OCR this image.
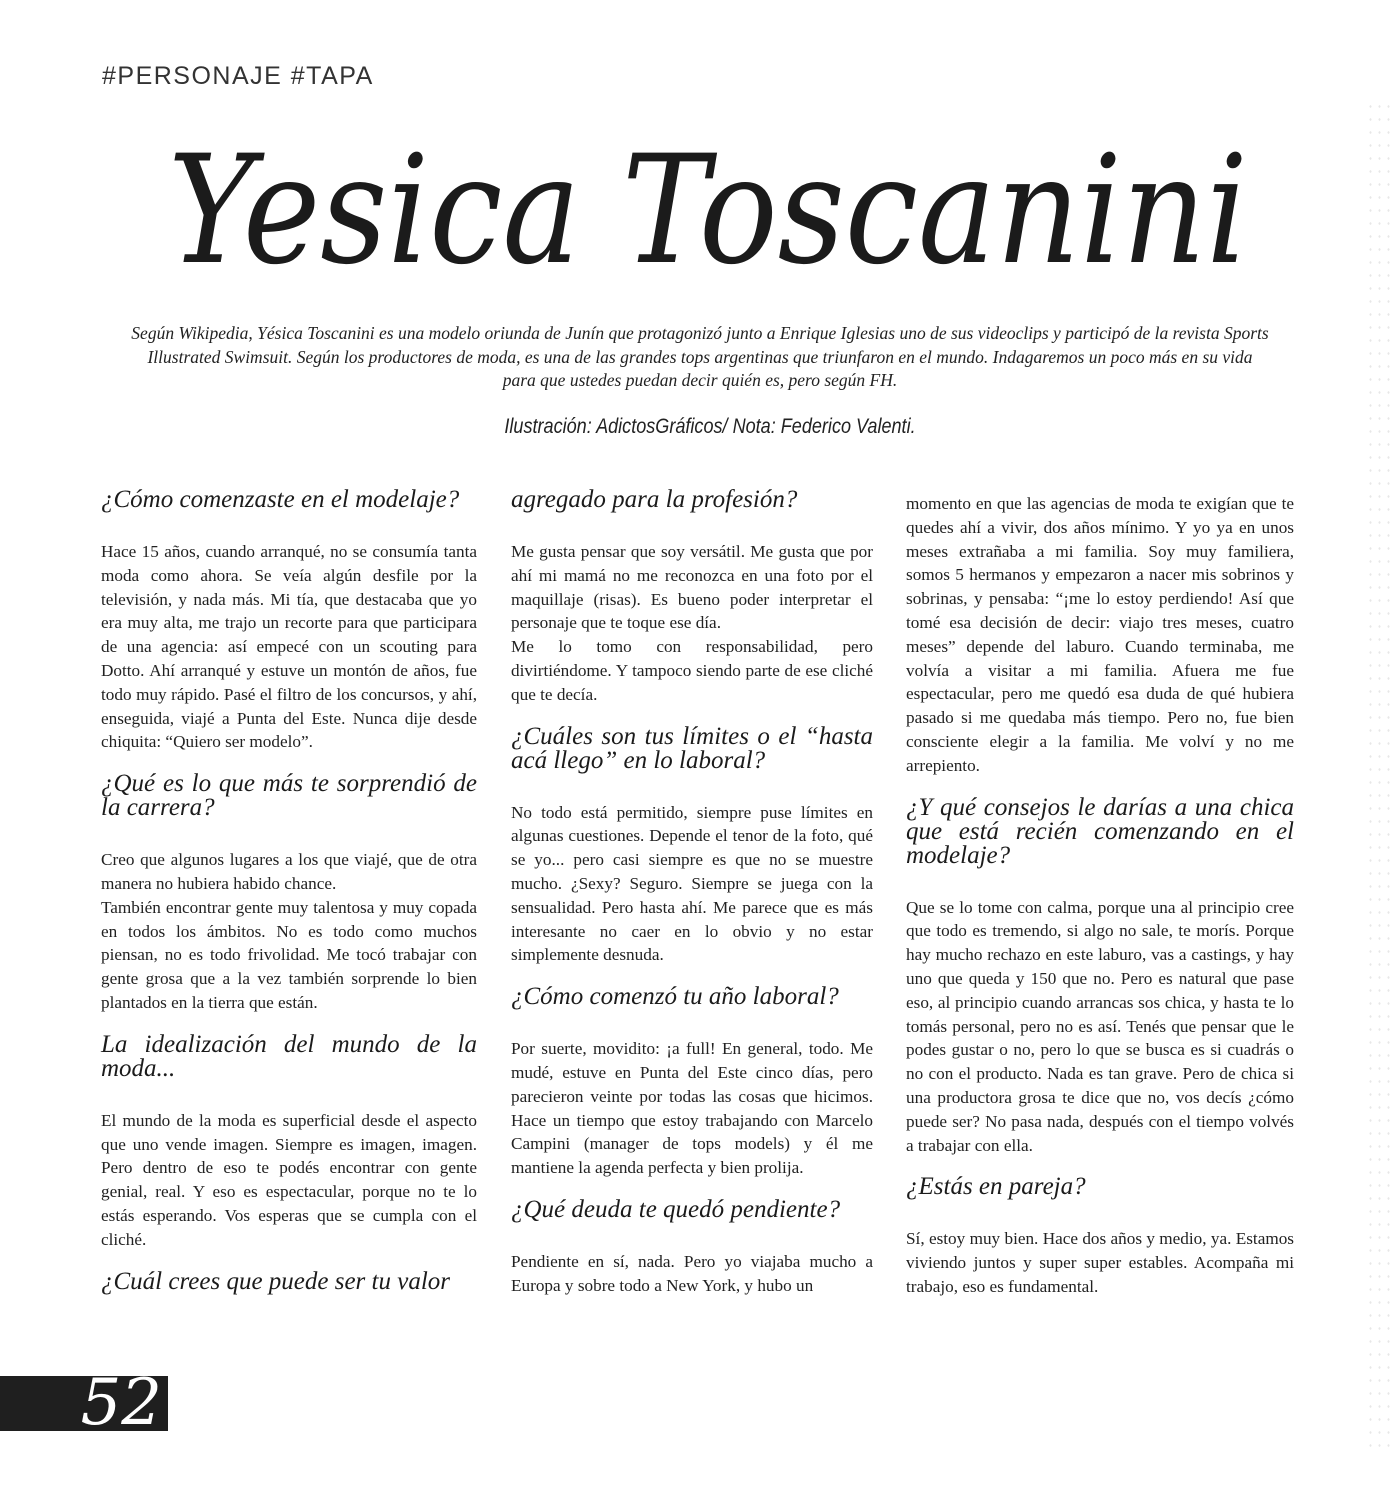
#PERSONAJE #TAPA
Yesica Toscanini

Según Wikipedia, Yésica Toscanini es una modelo oriunda de Junín que protagonizó junto a Enrique Iglesias uno de sus videoclips y participó de la revista Sports Illustrated Swimsuit. Según los productores de moda, es una de las grandes tops argentinas que triunfaron en el mundo. Indagaremos un poco más en su vida para que ustedes puedan decir quién es, pero según FH.

Ilustración: AdictosGráficos/ Nota: Federico Valenti.
¿Cómo comenzaste en el modelaje?

Hace 15 años, cuando arranqué, no se consumía tanta moda como ahora. Se veía algún desfile por la televisión, y nada más. Mi tía, que destacaba que yo era muy alta, me trajo un recorte para que participara de una agencia: así empecé con un scouting para Dotto. Ahí arranqué y estuve un montón de años, fue todo muy rápido. Pasé el filtro de los concursos, y ahí, enseguida, viajé a Punta del Este. Nunca dije desde chiquita: “Quiero ser modelo”.

¿Qué es lo que más te sorprendió de la carrera?

Creo que algunos lugares a los que viajé, que de otra manera no hubiera habido chance.

También encontrar gente muy talentosa y muy copada en todos los ámbitos. No es todo como muchos piensan, no es todo frivolidad. Me tocó trabajar con gente grosa que a la vez también sorprende lo bien plantados en la tierra que están.

La idealización del mundo de la moda...

El mundo de la moda es superficial desde el aspecto que uno vende imagen. Siempre es imagen, imagen. Pero dentro de eso te podés encontrar con gente genial, real. Y eso es espectacular, porque no te lo estás esperando. Vos esperas que se cumpla con el cliché.

¿Cuál crees que puede ser tu valor
agregado para la profesión?

Me gusta pensar que soy versátil. Me gusta que por ahí mi mamá no me reconozca en una foto por el maquillaje (risas). Es bueno poder interpretar el personaje que te toque ese día.

Me lo tomo con responsabilidad, pero divirtiéndome. Y tampoco siendo parte de ese cliché que te decía.

¿Cuáles son tus límites o el “hasta acá llego” en lo laboral?

No todo está permitido, siempre puse límites en algunas cuestiones. Depende el tenor de la foto, qué se yo... pero casi siempre es que no se muestre mucho. ¿Sexy? Seguro. Siempre se juega con la sensualidad. Pero hasta ahí. Me parece que es más interesante no caer en lo obvio y no estar simplemente desnuda.

¿Cómo comenzó tu año laboral?

Por suerte, movidito: ¡a full! En general, todo. Me mudé, estuve en Punta del Este cinco días, pero parecieron veinte por todas las cosas que hicimos. Hace un tiempo que estoy trabajando con Marcelo Campini (manager de tops models) y él me mantiene la agenda perfecta y bien prolija.

¿Qué deuda te quedó pendiente?

Pendiente en sí, nada. Pero yo viajaba mucho a Europa y sobre todo a New York, y hubo un

momento en que las agencias de moda te exigían que te quedes ahí a vivir, dos años mínimo. Y yo ya en unos meses extrañaba a mi familia. Soy muy familiera, somos 5 hermanos y empezaron a nacer mis sobrinos y sobrinas, y pensaba: “¡me lo estoy perdiendo! Así que tomé esa decisión de decir: viajo tres meses, cuatro meses” depende del laburo. Cuando terminaba, me volvía a visitar a mi familia. Afuera me fue espectacular, pero me quedó esa duda de qué hubiera pasado si me quedaba más tiempo. Pero no, fue bien consciente elegir a la familia. Me volví y no me arrepiento.

¿Y qué consejos le darías a una chica que está recién comenzando en el modelaje?

Que se lo tome con calma, porque una al principio cree que todo es tremendo, si algo no sale, te morís. Porque hay mucho rechazo en este laburo, vas a castings, y hay uno que queda y 150 que no. Pero es natural que pase eso, al principio cuando arrancas sos chica, y hasta te lo tomás personal, pero no es así. Tenés que pensar que le podes gustar o no, pero lo que se busca es si cuadrás o no con el producto. Nada es tan grave. Pero de chica si una productora grosa te dice que no, vos decís ¿cómo puede ser? No pasa nada, después con el tiempo volvés a trabajar con ella.

¿Estás en pareja?

Sí, estoy muy bien. Hace dos años y medio, ya. Estamos viviendo juntos y super super estables. Acompaña mi trabajo, eso es fundamental.

52
